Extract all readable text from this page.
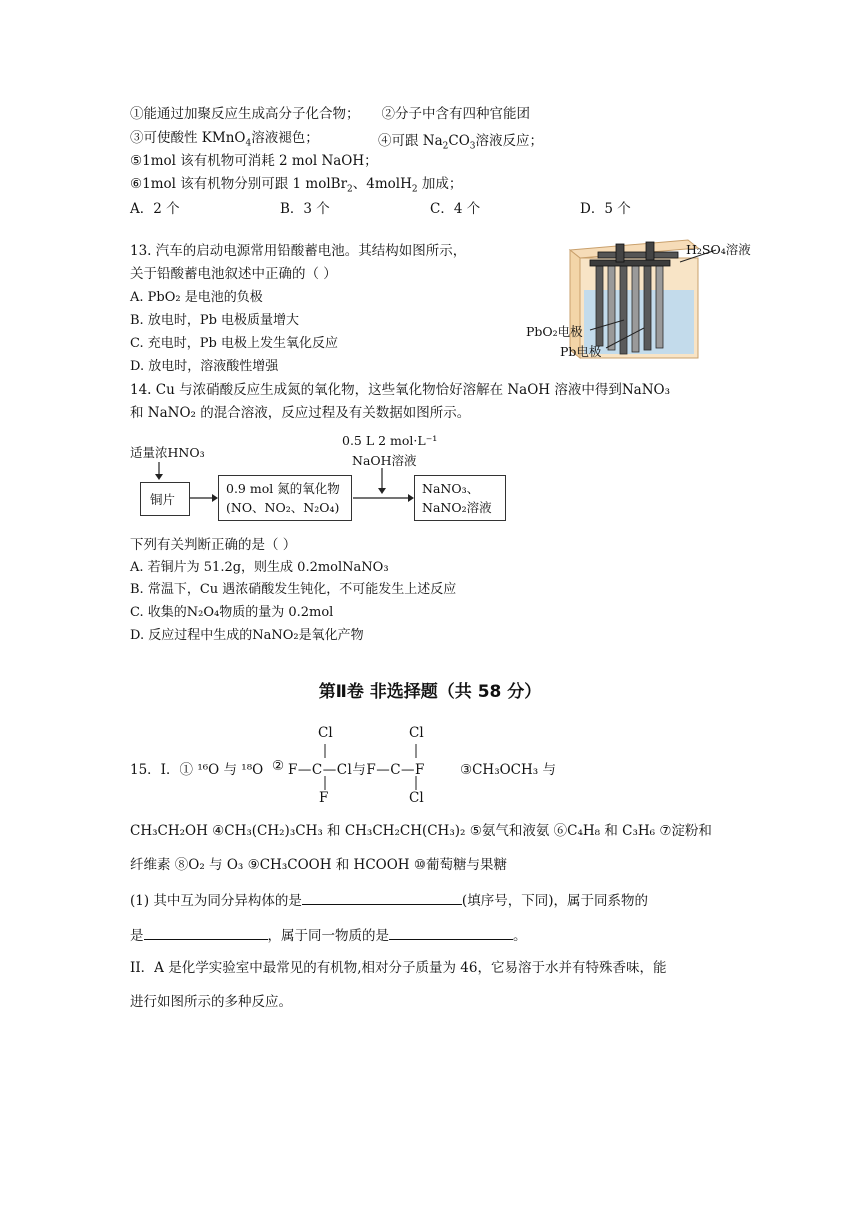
①能通过加聚反应生成高分子化合物； ②分子中含有四种官能团
③可使酸性 KMnO$_4$溶液褪色；	④可跟 $Na_2CO_3$溶液反应；
⑤1mol 该有机物可消耗 2 mol NaOH；
⑥1mol 该有机物分别可跟 1 molBr$_2$、4molH$_2$ 加成；
A．2 个	B．3 个	C．4 个	D．5 个
13. 汽车的启动电源常用铅酸蓄电池。其结构如图所示，
关于铅酸蓄电池叙述中正确的（ ）
A. PbO₂ 是电池的负极
B. 放电时，Pb 电极质量增大
C. 充电时，Pb 电极上发生氧化反应
D. 放电时，溶液酸性增强
H₂SO₄溶液
PbO₂电极
Pb电极
14. Cu 与浓硝酸反应生成氮的氧化物，这些氧化物恰好溶解在 NaOH 溶液中得到NaNO₃
和 NaNO₂ 的混合溶液，反应过程及有关数据如图所示。
适量浓HNO₃
0.5 L 2 mol·L⁻¹
NaOH溶液
铜片
0.9 mol 氮的氧化物
(NO、NO₂、N₂O₄)
NaNO₃、
NaNO₂溶液
下列有关判断正确的是（ ）
A. 若铜片为 51.2g，则生成 0.2molNaNO₃
B. 常温下，Cu 遇浓硝酸发生钝化，不可能发生上述反应
C. 收集的N₂O₄物质的量为 0.2mol
D. 反应过程中生成的NaNO₂是氧化产物
第Ⅱ卷 非选择题（共 58 分）
15．I．① ¹⁶O 与 ¹⁸O ②
Cl
F
Cl
Cl
F—C—Cl与F—C—F	③CH₃OCH₃ 与
CH₃CH₂OH ④CH₃(CH₂)₃CH₃ 和 CH₃CH₂CH(CH₃)₂ ⑤氨气和液氨 ⑥C₄H₈ 和 C₃H₆ ⑦淀粉和
纤维素 ⑧O₂ 与 O₃ ⑨CH₃COOH 和 HCOOH ⑩葡萄糖与果糖
(1) 其中互为同分异构体的是	(填序号，下同)，属于同系物的
是	，属于同一物质的是	。
II．A 是化学实验室中最常见的有机物,相对分子质量为 46，它易溶于水并有特殊香味，能
进行如图所示的多种反应。
